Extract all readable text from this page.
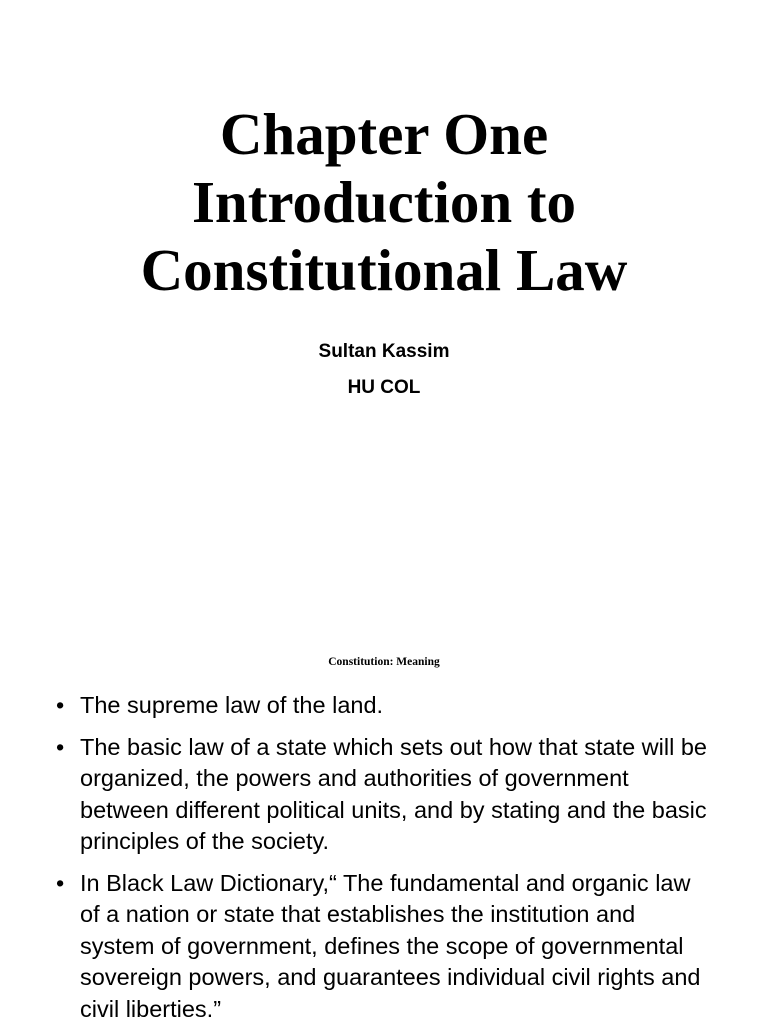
Chapter One
Introduction to
Constitutional Law
Sultan Kassim
HU COL
Constitution: Meaning
• The supreme law of the land.
• The basic law of a state which sets out how that state will be organized, the powers and authorities of government between different political units, and by stating and the basic principles of the society.
• In Black Law Dictionary,“ The fundamental and organic law of a nation or state that establishes the institution and system of government, defines the scope of governmental sovereign powers, and guarantees individual civil rights and civil liberties.”
